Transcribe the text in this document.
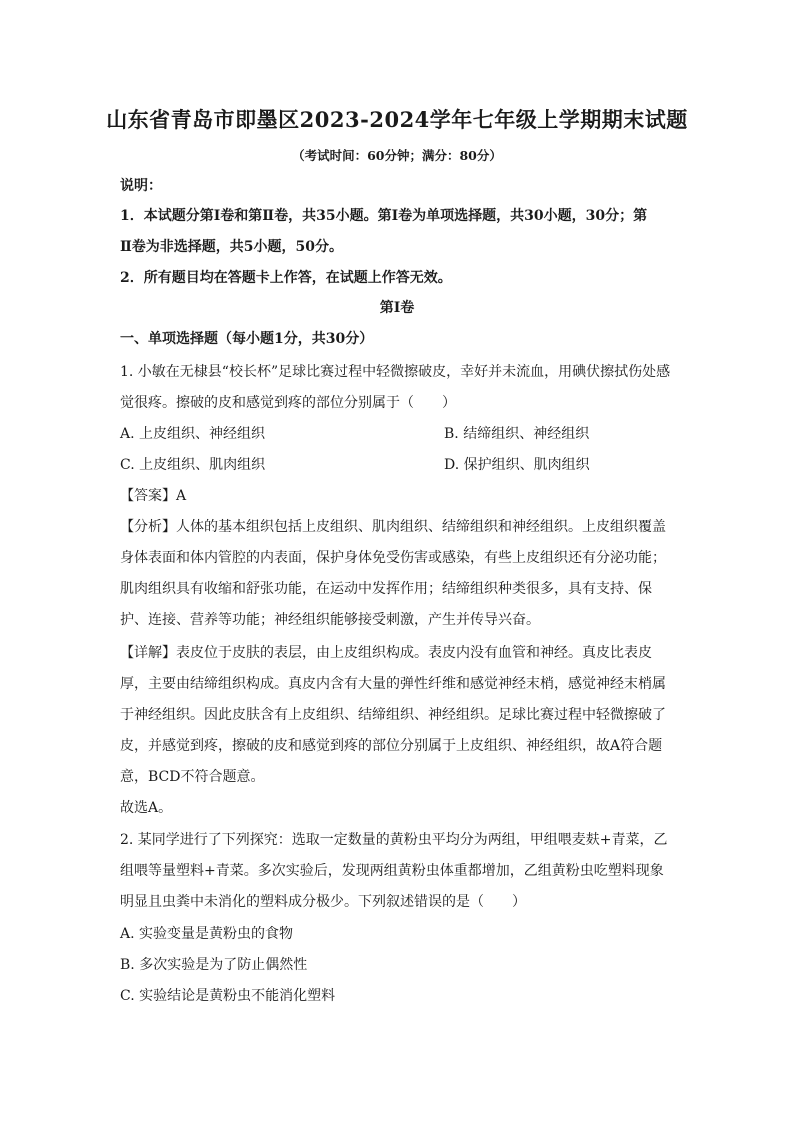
山东省青岛市即墨区2023-2024学年七年级上学期期末试题
（考试时间：60分钟；满分：80分）
说明：
1．本试题分第Ⅰ卷和第Ⅱ卷，共35小题。第Ⅰ卷为单项选择题，共30小题，30分；第
Ⅱ卷为非选择题，共5小题，50分。
2．所有题目均在答题卡上作答，在试题上作答无效。
第Ⅰ卷
一、单项选择题（每小题1分，共30分）
1. 小敏在无棣县“校长杯”足球比赛过程中轻微擦破皮，幸好并未流血，用碘伏擦拭伤处感
觉很疼。擦破的皮和感觉到疼的部位分别属于（　　）
A. 上皮组织、神经组织	B. 结缔组织、神经组织
C. 上皮组织、肌肉组织	D. 保护组织、肌肉组织
【答案】A
【分析】人体的基本组织包括上皮组织、肌肉组织、结缔组织和神经组织。上皮组织覆盖
身体表面和体内管腔的内表面，保护身体免受伤害或感染，有些上皮组织还有分泌功能；
肌肉组织具有收缩和舒张功能，在运动中发挥作用；结缔组织种类很多，具有支持、保
护、连接、营养等功能；神经组织能够接受刺激，产生并传导兴奋。
【详解】表皮位于皮肤的表层，由上皮组织构成。表皮内没有血管和神经。真皮比表皮
厚，主要由结缔组织构成。真皮内含有大量的弹性纤维和感觉神经末梢，感觉神经末梢属
于神经组织。因此皮肤含有上皮组织、结缔组织、神经组织。足球比赛过程中轻微擦破了
皮，并感觉到疼，擦破的皮和感觉到疼的部位分别属于上皮组织、神经组织，故A符合题
意，BCD不符合题意。
故选A。
2. 某同学进行了下列探究：选取一定数量的黄粉虫平均分为两组，甲组喂麦麸+青菜，乙
组喂等量塑料+青菜。多次实验后，发现两组黄粉虫体重都增加，乙组黄粉虫吃塑料现象
明显且虫粪中未消化的塑料成分极少。下列叙述错误的是（　　）
A. 实验变量是黄粉虫的食物
B. 多次实验是为了防止偶然性
C. 实验结论是黄粉虫不能消化塑料
